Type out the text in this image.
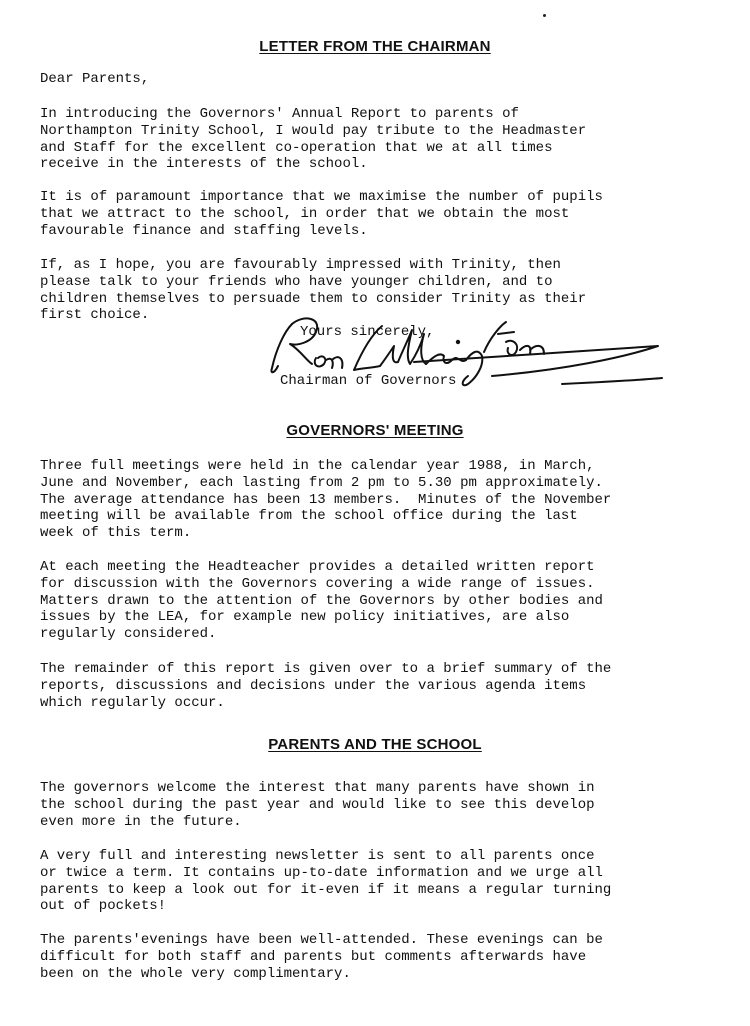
LETTER FROM THE CHAIRMAN

Dear Parents,

In introducing the Governors' Annual Report to parents of
Northampton Trinity School, I would pay tribute to the Headmaster
and Staff for the excellent co-operation that we at all times
receive in the interests of the school.

It is of paramount importance that we maximise the number of pupils
that we attract to the school, in order that we obtain the most
favourable finance and staffing levels.

If, as I hope, you are favourably impressed with Trinity, then
please talk to your friends who have younger children, and to
children themselves to persuade them to consider Trinity as their
first choice.

Yours sincerely,
Chairman of Governors
GOVERNORS' MEETING

Three full meetings were held in the calendar year 1988, in March,
June and November, each lasting from 2 pm to 5.30 pm approximately.
The average attendance has been 13 members.  Minutes of the November
meeting will be available from the school office during the last
week of this term.

At each meeting the Headteacher provides a detailed written report
for discussion with the Governors covering a wide range of issues.
Matters drawn to the attention of the Governors by other bodies and
issues by the LEA, for example new policy initiatives, are also
regularly considered.

The remainder of this report is given over to a brief summary of the
reports, discussions and decisions under the various agenda items
which regularly occur.

PARENTS AND THE SCHOOL

The governors welcome the interest that many parents have shown in
the school during the past year and would like to see this develop
even more in the future.

A very full and interesting newsletter is sent to all parents once
or twice a term. It contains up-to-date information and we urge all
parents to keep a look out for it-even if it means a regular turning
out of pockets!

The parents'evenings have been well-attended. These evenings can be
difficult for both staff and parents but comments afterwards have
been on the whole very complimentary.
